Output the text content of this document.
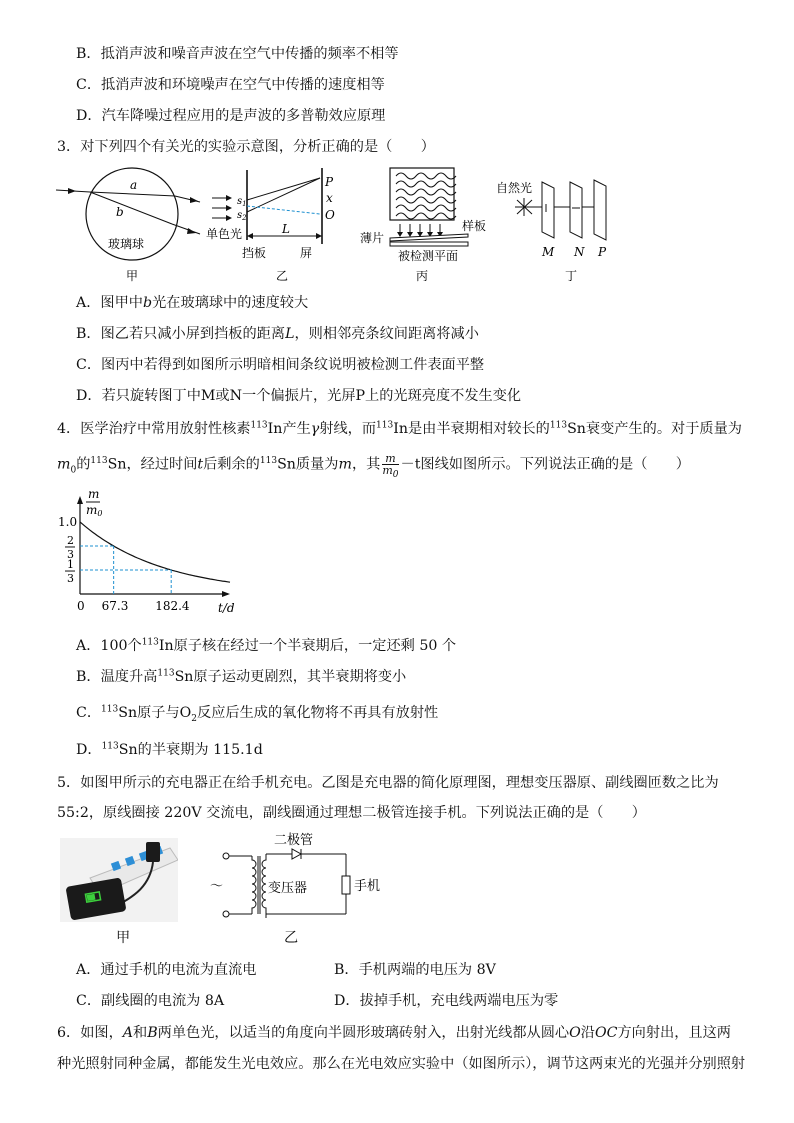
B．抵消声波和噪音声波在空气中传播的频率不相等
C．抵消声波和环境噪声在空气中传播的速度相等
D．汽车降噪过程应用的是声波的多普勒效应原理
3．对下列四个有关光的实验示意图，分析正确的是（　　）
a
b
玻璃球
甲
$s_1$
$s_2$
P
x
O
L
单色光
挡板	屏
乙
薄片
样板
被检测平面
丙
自然光
M N P
丁
A．图甲中b光在玻璃球中的速度较大
B．图乙若只减小屏到挡板的距离L，则相邻亮条纹间距离将减小
C．图丙中若得到如图所示明暗相间条纹说明被检测工件表面平整
D．若只旋转图丁中M或N一个偏振片，光屏P上的光斑亮度不发生变化
4．医学治疗中常用放射性核素$^{113}$In产生γ射线，而$^{113}$In是由半衰期相对较长的$^{113}$Sn衰变产生的。对于质量为
$m_0$的$^{113}$Sn，经过时间t后剩余的$^{113}$Sn质量为m，其 $\frac{m}{m_0} -t$图线如图所示。下列说法正确的是（　　）
1.0
2
3
1
3
0 67.3 182.4 t/d
m
m0
A．100个$^{113}$In原子核在经过一个半衰期后，一定还剩 50 个
B．温度升高$^{113}$Sn原子运动更剧烈，其半衰期将变小
C．$^{113}$Sn原子与$O_2$反应后生成的氧化物将不再具有放射性
D．$^{113}$Sn的半衰期为 115.1d
5．如图甲所示的充电器正在给手机充电。乙图是充电器的简化原理图，理想变压器原、副线圈匝数之比为
55:2，原线圈接 220V 交流电，副线圈通过理想二极管连接手机。下列说法正确的是（　　）
甲
二极管
～	变压器	手机
乙
A．通过手机的电流为直流电	B．手机两端的电压为 8V
C．副线圈的电流为 8A	D．拔掉手机，充电线两端电压为零
6．如图，A和B两单色光，以适当的角度向半圆形玻璃砖射入，出射光线都从圆心O沿OC方向射出，且这两
种光照射同种金属，都能发生光电效应。那么在光电效应实验中（如图所示），调节这两束光的光强并分别照射
